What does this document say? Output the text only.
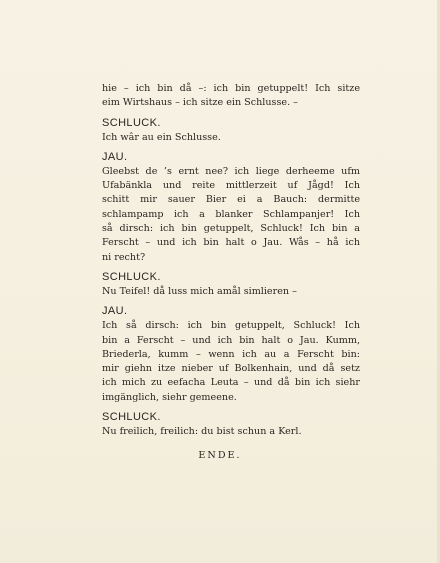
hie – ich bin då –: ich bin getuppelt! Ich sitze
eim Wirtshaus – ich sitze ein Schlusse. –
SCHLUCK.
Ich wâr au ein Schlusse.
JAU.
Gleebst de ’s ernt nee? ich liege derheeme ufm
Ufabänkla und reite mittlerzeit uf Jågd! Ich
schitt mir sauer Bier ei a Bauch: dermitte
schlampamp ich a blanker Schlampanjer! Ich
så dirsch: ich bin getuppelt, Schluck! Ich bin a
Ferscht – und ich bin halt o Jau. Wås – hå ich
ni recht?
SCHLUCK.
Nu Teifel! då luss mich amål simlieren –
JAU.
Ich så dirsch: ich bin getuppelt, Schluck! Ich
bin a Ferscht – und ich bin halt o Jau. Kumm,
Briederla, kumm – wenn ich au a Ferscht bin:
mir giehn itze nieber uf Bolkenhain, und då setz
ich mich zu eefacha Leuta – und då bin ich siehr
imgänglich, siehr gemeene.
SCHLUCK.
Nu freilich, freilich: du bist schun a Kerl.
ENDE.
